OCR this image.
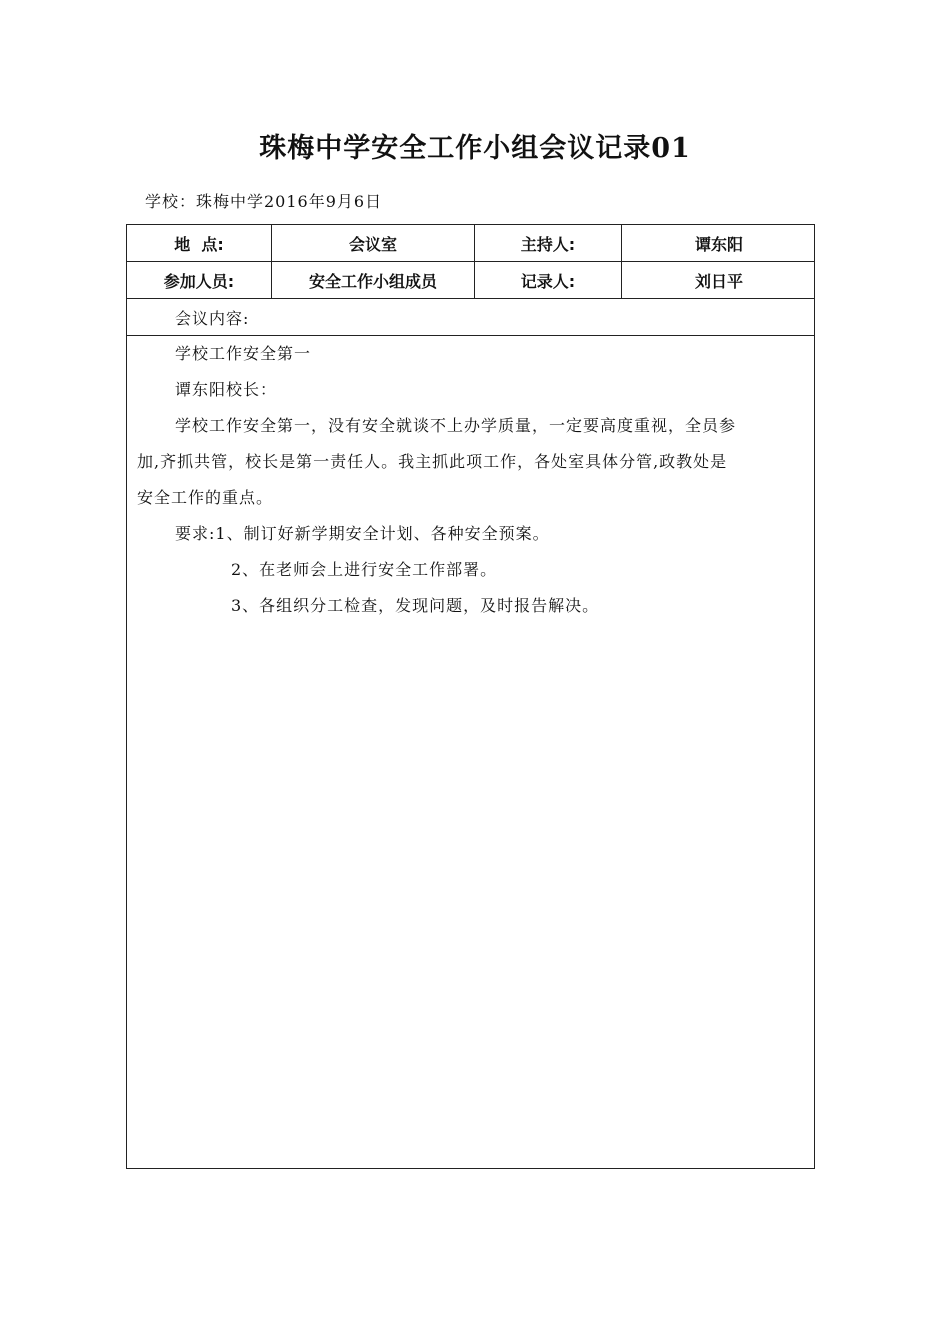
珠梅中学安全工作小组会议记录01
学校：珠梅中学2016年9月6日
地  点:	会议室	主持人:	谭东阳
参加人员:	安全工作小组成员	记录人:	刘日平
会议内容:
学校工作安全第一
谭东阳校长：
学校工作安全第一，没有安全就谈不上办学质量，一定要高度重视，全员参
加,齐抓共管，校长是第一责任人。我主抓此项工作，各处室具体分管,政教处是
安全工作的重点。
要求:1、制订好新学期安全计划、各种安全预案。
2、在老师会上进行安全工作部署。
3、各组织分工检查，发现问题，及时报告解决。
